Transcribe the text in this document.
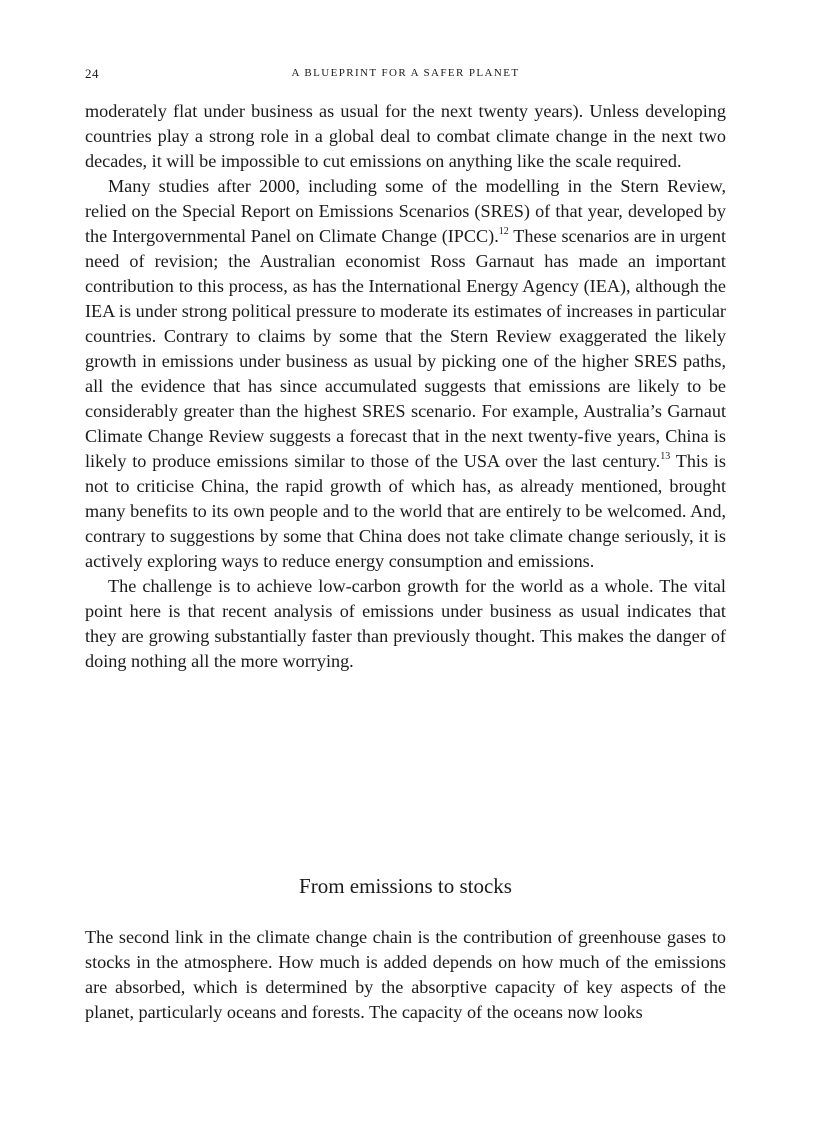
24	A BLUEPRINT FOR A SAFER PLANET

moderately flat under business as usual for the next twenty years). Unless developing countries play a strong role in a global deal to combat climate change in the next two decades, it will be impossible to cut emissions on anything like the scale required.

Many studies after 2000, including some of the modelling in the Stern Review, relied on the Special Report on Emissions Scenarios (SRES) of that year, developed by the Intergovernmental Panel on Climate Change (IPCC).$^{12}$ These scenarios are in urgent need of revision; the Australian economist Ross Garnaut has made an important contribution to this process, as has the International Energy Agency (IEA), although the IEA is under strong political pressure to moderate its estimates of increases in particular countries. Contrary to claims by some that the Stern Review exaggerated the likely growth in emissions under business as usual by picking one of the higher SRES paths, all the evidence that has since accumulated suggests that emissions are likely to be considerably greater than the highest SRES scenario. For example, Australia’s Garnaut Climate Change Review suggests a forecast that in the next twenty-five years, China is likely to produce emissions similar to those of the USA over the last century.$^{13}$ This is not to criticise China, the rapid growth of which has, as already mentioned, brought many benefits to its own people and to the world that are entirely to be welcomed. And, contrary to suggestions by some that China does not take climate change seriously, it is actively exploring ways to reduce energy consumption and emissions.

The challenge is to achieve low-carbon growth for the world as a whole. The vital point here is that recent analysis of emissions under business as usual indicates that they are growing substantially faster than previously thought. This makes the danger of doing nothing all the more worrying.

From emissions to stocks

The second link in the climate change chain is the contribution of greenhouse gases to stocks in the atmosphere. How much is added depends on how much of the emissions are absorbed, which is determined by the absorptive capacity of key aspects of the planet, particularly oceans and forests. The capacity of the oceans now looks
